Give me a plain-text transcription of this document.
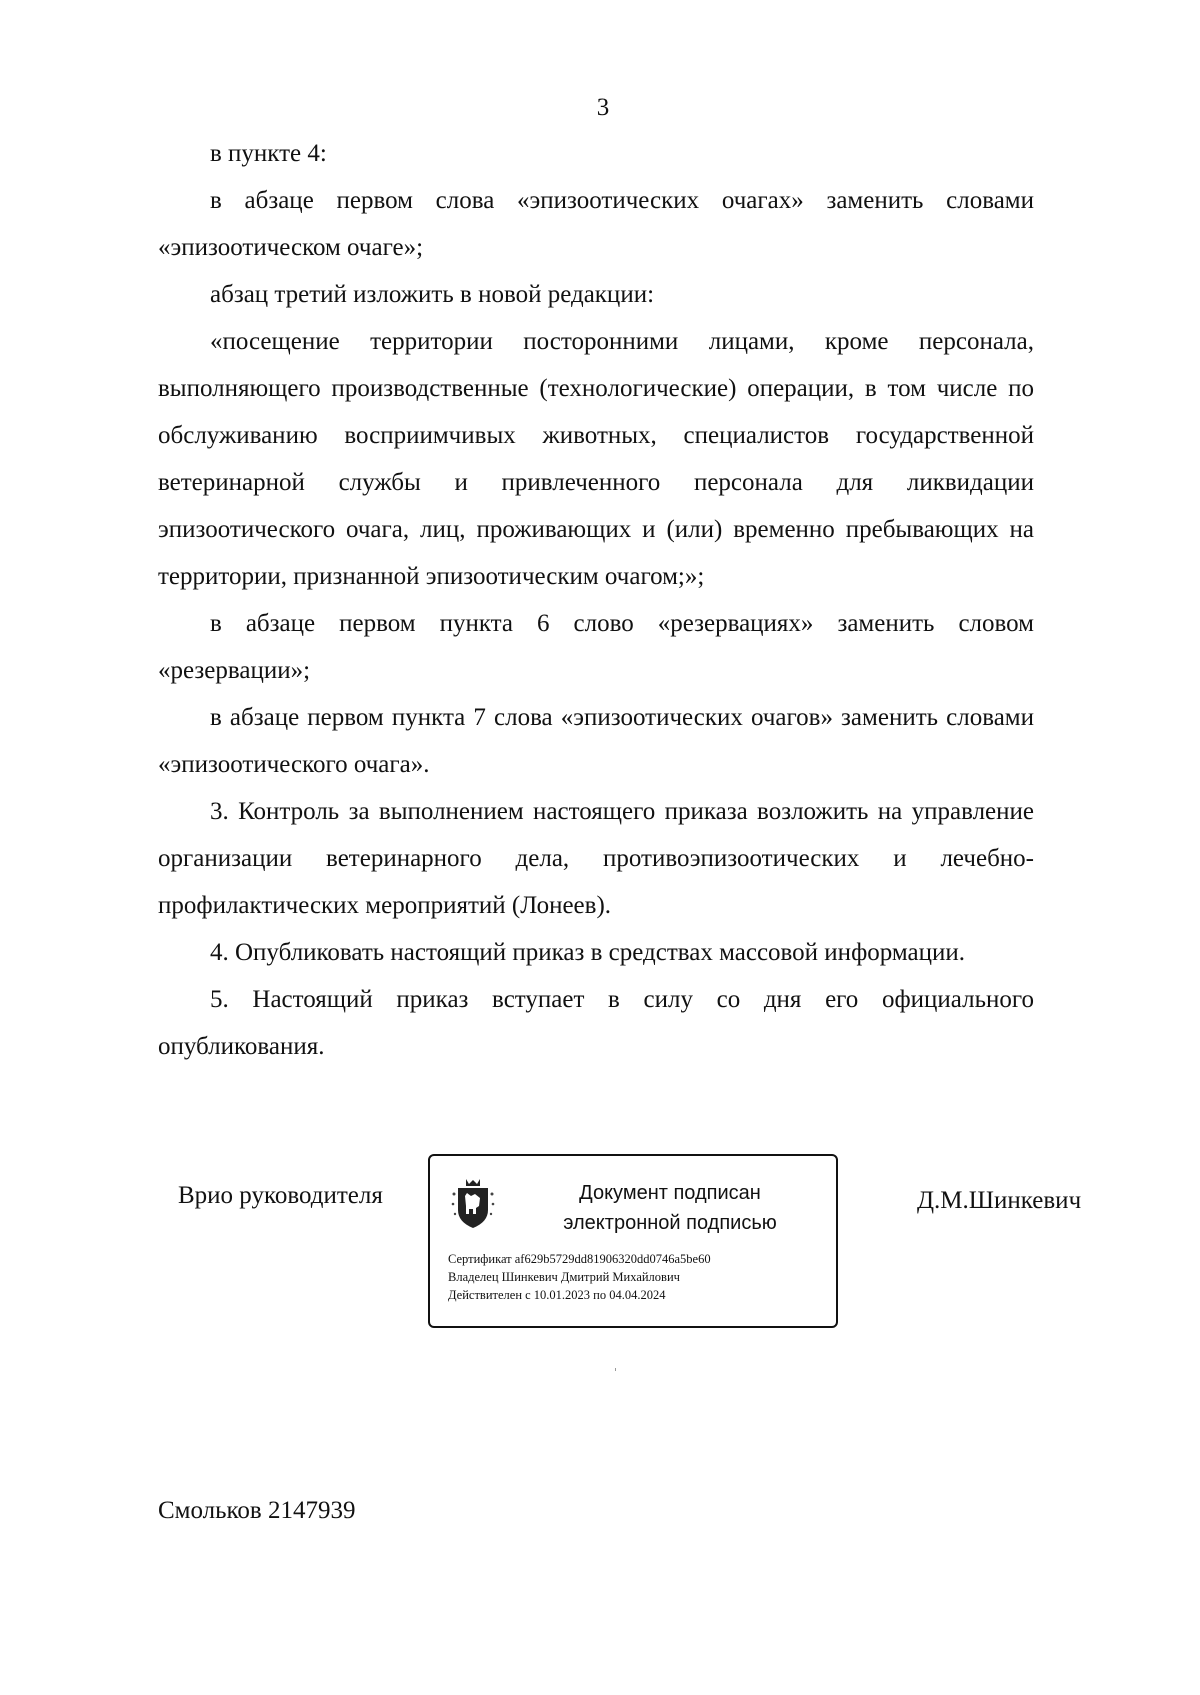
3

в пункте 4:

в абзаце первом слова «эпизоотических очагах» заменить словами «эпизоотическом очаге»;

абзац третий изложить в новой редакции:

«посещение территории посторонними лицами, кроме персонала, выполняющего производственные (технологические) операции, в том числе по обслуживанию восприимчивых животных, специалистов государственной ветеринарной службы и привлеченного персонала для ликвидации эпизоотического очага, лиц, проживающих и (или) временно пребывающих на территории, признанной эпизоотическим очагом;»;

в абзаце первом пункта 6 слово «резервациях» заменить словом «резервации»;

в абзаце первом пункта 7 слова «эпизоотических очагов» заменить словами «эпизоотического очага».

3. Контроль за выполнением настоящего приказа возложить на управление организации ветеринарного дела, противоэпизоотических и лечебно-профилактических мероприятий (Лонеев).

4. Опубликовать настоящий приказ в средствах массовой информации.

5. Настоящий приказ вступает в силу со дня его официального опубликования.

Врио руководителя	Документ подписан
электронной подписью
Сертификат af629b5729dd81906320dd0746a5be60
Владелец Шинкевич Дмитрий Михайлович
Действителен с 10.01.2023 по 04.04.2024
Д.М.Шинкевич
Смольков 2147939
